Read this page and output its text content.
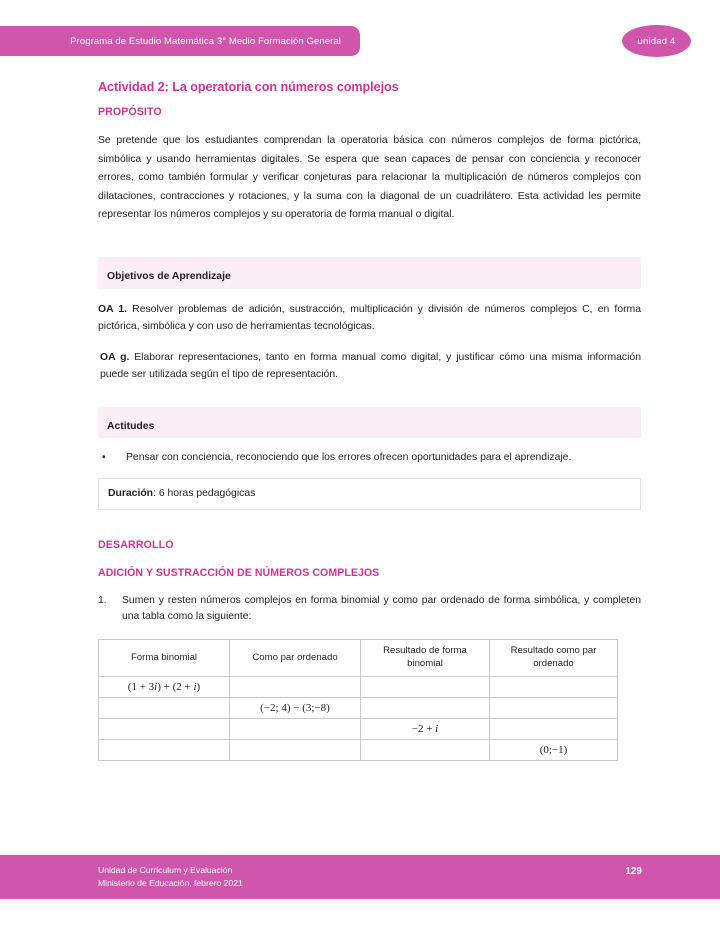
Programa de Estudio Matemática 3° Medio Formación General	unidad 4
Actividad 2: La operatoria con números complejos
PROPÓSITO

Se pretende que los estudiantes comprendan la operatoria básica con números complejos de forma pictórica, simbólica y usando herramientas digitales. Se espera que sean capaces de pensar con conciencia y reconocer errores, como también formular y verificar conjeturas para relacionar la multiplicación de números complejos con dilataciones, contracciones y rotaciones, y la suma con la diagonal de un cuadrilátero. Esta actividad les permite representar los números complejos y su operatoria de forma manual o digital.

Objetivos de Aprendizaje

OA 1. Resolver problemas de adición, sustracción, multiplicación y división de números complejos C, en forma pictórica, simbólica y con uso de herramientas tecnológicas.

OA g. Elaborar representaciones, tanto en forma manual como digital, y justificar cómo una misma información puede ser utilizada según el tipo de representación.

Actitudes
•	Pensar con conciencia, reconociendo que los errores ofrecen oportunidades para el aprendizaje.
Duración: 6 horas pedagógicas
DESARROLLO
ADICIÓN Y SUSTRACCIÓN DE NÚMEROS COMPLEJOS
1.	Sumen y resten números complejos en forma binomial y como par ordenado de forma simbólica, y completen una tabla como la siguiente:
Forma binomial	Como par ordenado	Resultado de forma binomial	Resultado como par ordenado
(1 + 3i) + (2 + i)			
	(−2; 4) − (3;−8)		
		−2 + i	
			(0;−1)
Unidad de Curriculum y Evaluación
Ministerio de Educación, febrero 2021
129
